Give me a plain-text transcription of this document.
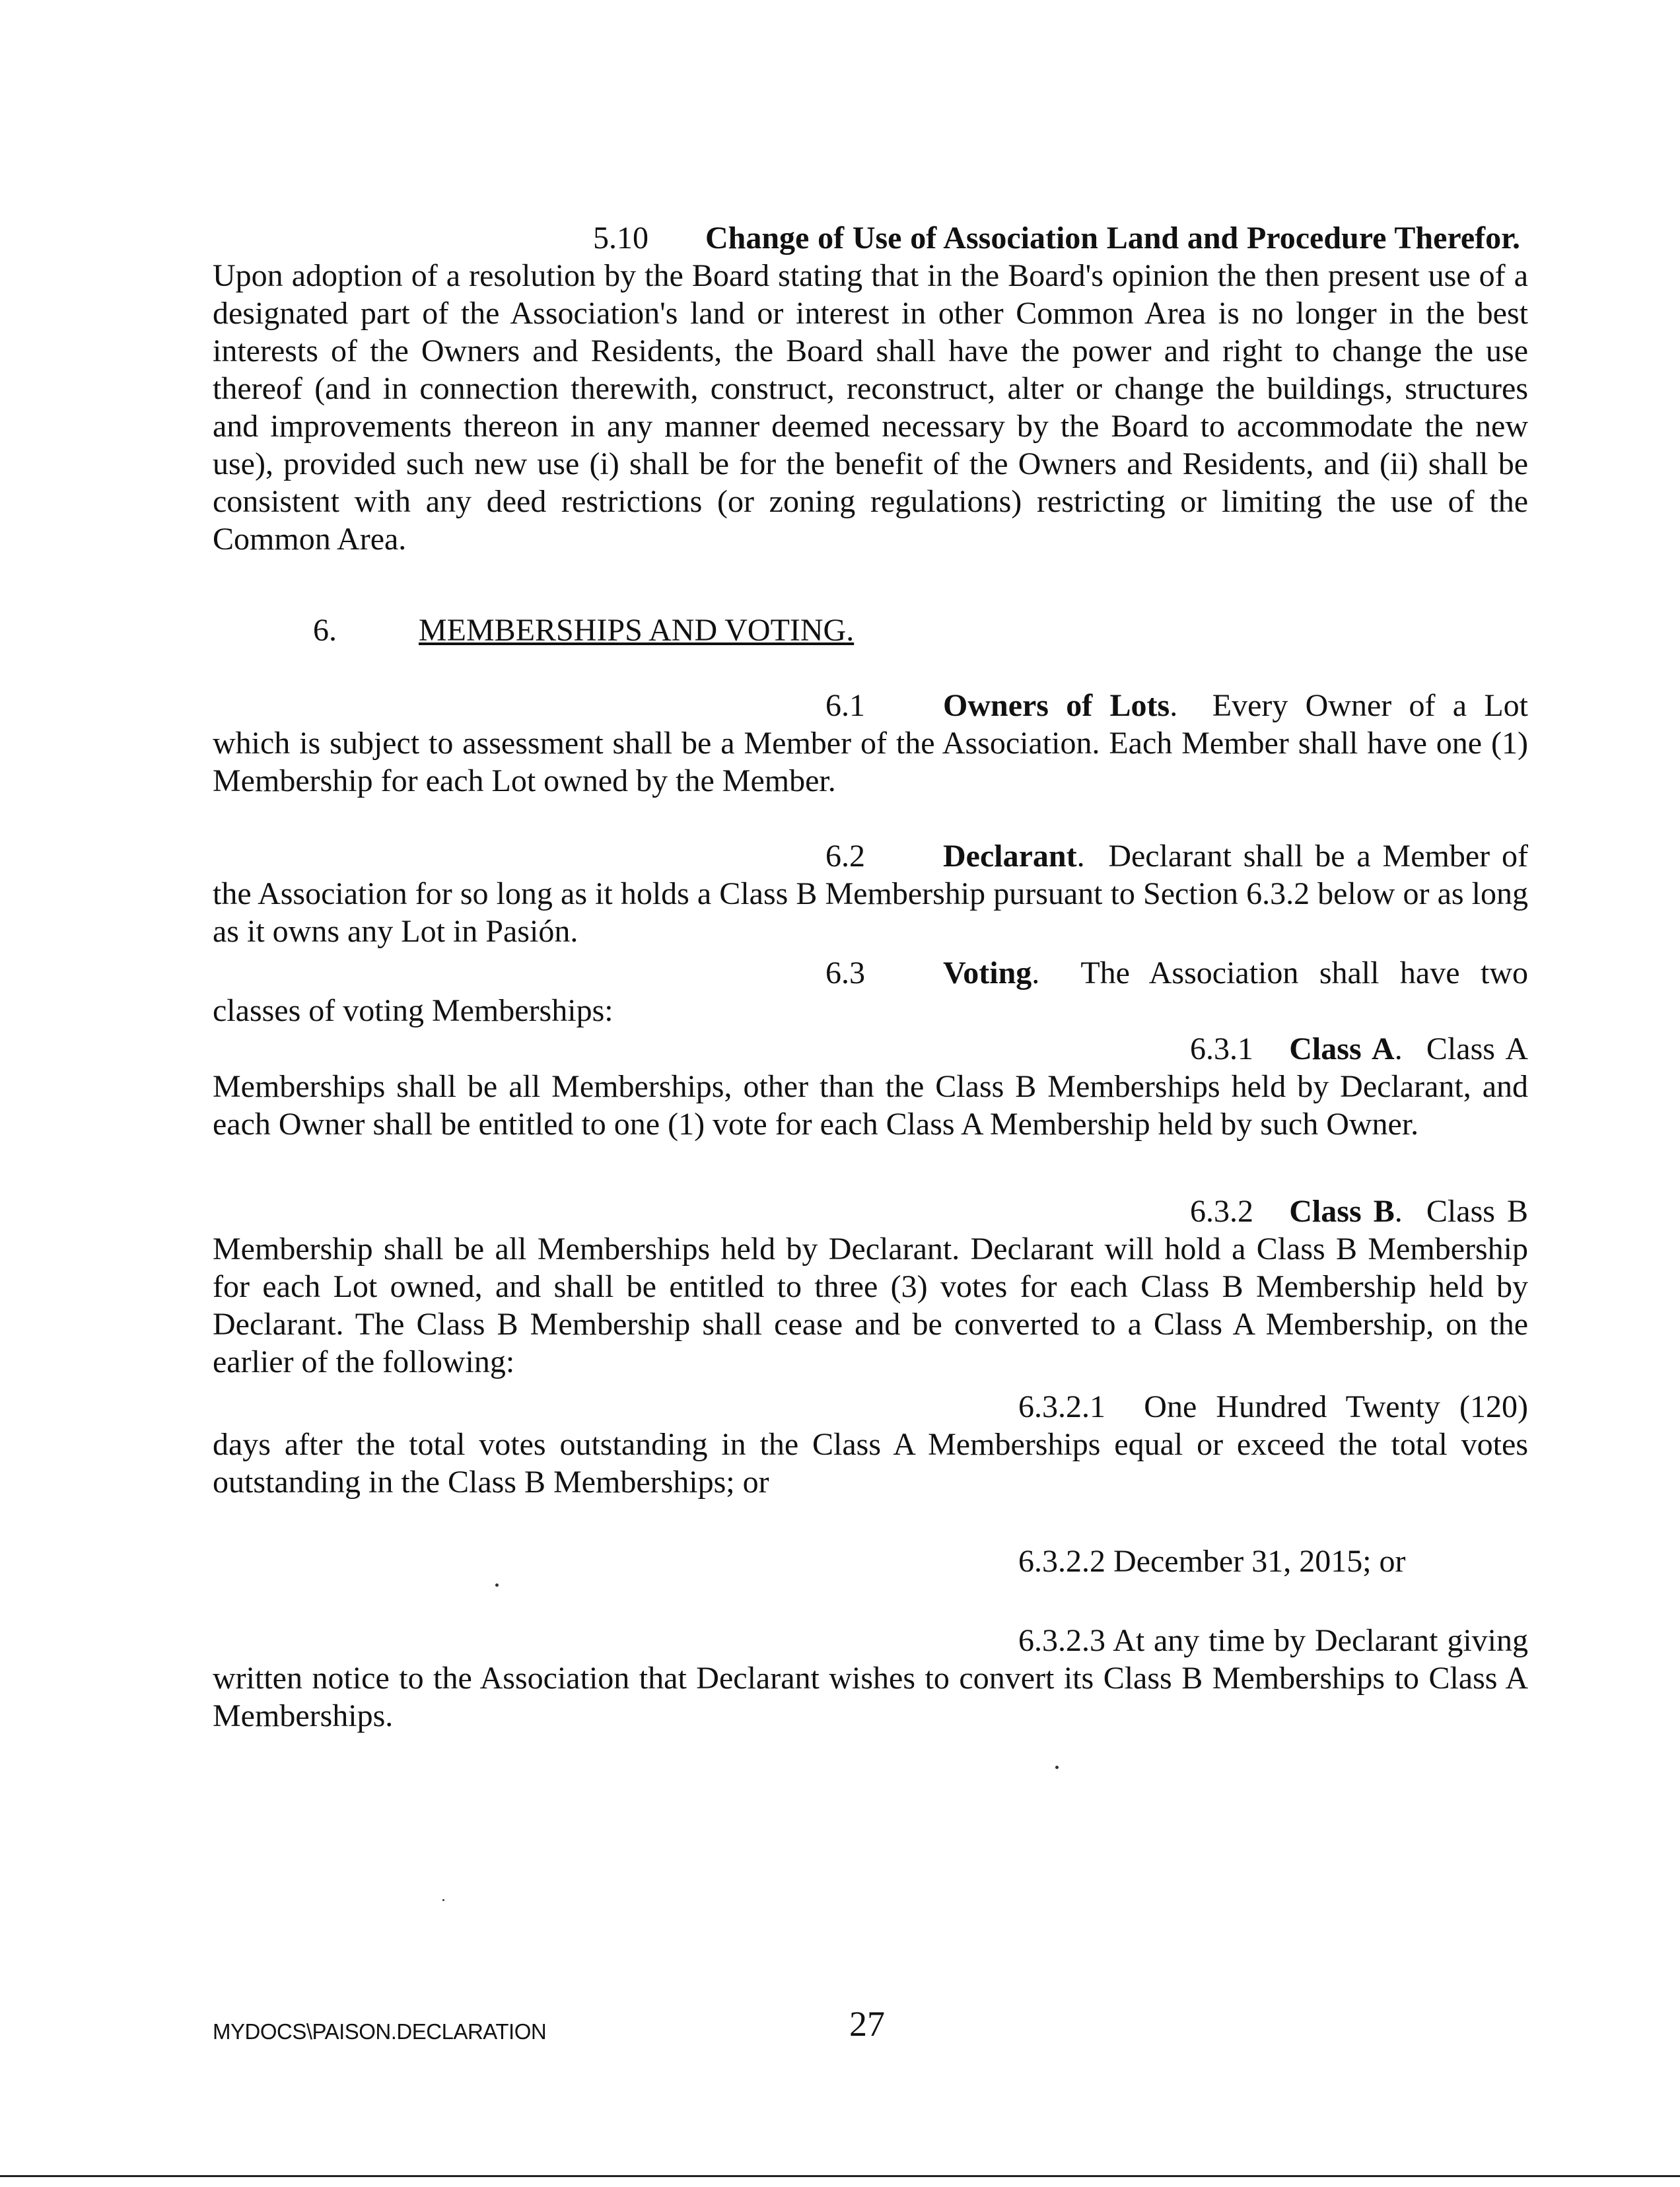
5.10 Change of Use of Association Land and Procedure Therefor.  Upon adoption of a resolution by the Board stating that in the Board's opinion the then present use of a designated part of the Association's land or interest in other Common Area is no longer in the best interests of the Owners and Residents, the Board shall have the power and right to change the use thereof (and in connection therewith, construct, reconstruct, alter or change the buildings, structures and improvements thereon in any manner deemed necessary by the Board to accommodate the new use), provided such new use (i) shall be for the benefit of the Owners and Residents, and (ii) shall be consistent with any deed restrictions (or zoning regulations) restricting or limiting the use of the Common Area.

6.	MEMBERSHIPS AND VOTING.

6.1 Owners of Lots.  Every Owner of a Lot which is subject to assessment shall be a Member of the Association. Each Member shall have one (1) Membership for each Lot owned by the Member.

6.2 Declarant.  Declarant shall be a Member of the Association for so long as it holds a Class B Membership pursuant to Section 6.3.2 below or as long as it owns any Lot in Pasión.

6.3 Voting.  The Association shall have two classes of voting Memberships:

6.3.1 Class A.  Class A Memberships shall be all Memberships, other than the Class B Memberships held by Declarant, and each Owner shall be entitled to one (1) vote for each Class A Membership held by such Owner.

6.3.2 Class B.  Class B Membership shall be all Memberships held by Declarant. Declarant will hold a Class B Membership for each Lot owned, and shall be entitled to three (3) votes for each Class B Membership held by Declarant. The Class B Membership shall cease and be converted to a Class A Membership, on the earlier of the following:

6.3.2.1 One Hundred Twenty (120) days after the total votes outstanding in the Class A Memberships equal or exceed the total votes outstanding in the Class B Memberships; or

6.3.2.2 December 31, 2015; or

6.3.2.3 At any time by Declarant giving written notice to the Association that Declarant wishes to convert its Class B Memberships to Class A Memberships.

MYDOCS\PAISON.DECLARATION	27
